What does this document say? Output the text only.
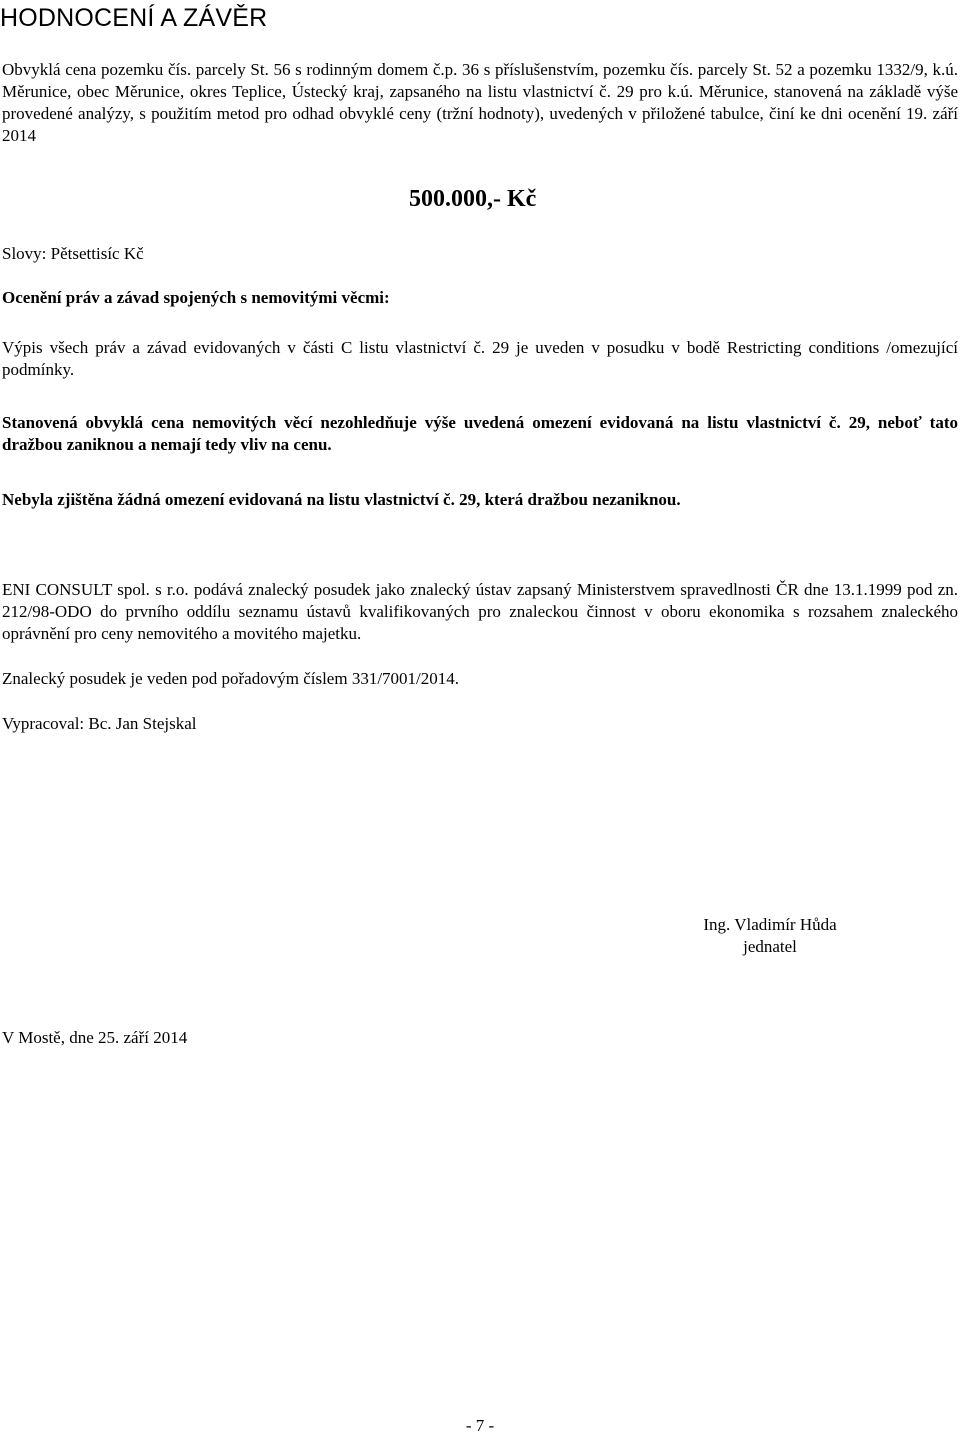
HODNOCENÍ A ZÁVĚR

Obvyklá cena pozemku čís. parcely St. 56 s rodinným domem č.p. 36 s příslušenstvím, pozemku čís. parcely St. 52 a pozemku 1332/9, k.ú. Měrunice, obec Měrunice, okres Teplice, Ústecký kraj, zapsaného na listu vlastnictví č. 29 pro k.ú. Měrunice, stanovená na základě výše provedené analýzy, s použitím metod pro odhad obvyklé ceny (tržní hodnoty), uvedených v přiložené tabulce, činí ke dni ocenění 19. září 2014

500.000,- Kč
Slovy: Pětsettisíc Kč
Ocenění práv a závad spojených s nemovitými věcmi:

Výpis všech práv a závad evidovaných v části C listu vlastnictví č. 29 je uveden v posudku v bodě Restricting conditions /omezující podmínky.

Stanovená obvyklá cena nemovitých věcí nezohledňuje výše uvedená omezení evidovaná na listu vlastnictví č. 29, neboť tato dražbou zaniknou a nemají tedy vliv na cenu.

Nebyla zjištěna žádná omezení evidovaná na listu vlastnictví č. 29, která dražbou nezaniknou.

ENI CONSULT spol. s r.o. podává znalecký posudek jako znalecký ústav zapsaný Ministerstvem spravedlnosti ČR dne 13.1.1999 pod zn. 212/98-ODO do prvního oddílu seznamu ústavů kvalifikovaných pro znaleckou činnost v oboru ekonomika s rozsahem znaleckého oprávnění pro ceny nemovitého a movitého majetku.

Znalecký posudek je veden pod pořadovým číslem 331/7001/2014.
Vypracoval: Bc. Jan Stejskal
Ing. Vladimír Hůda
jednatel
V Mostě, dne 25. září 2014
- 7 -
